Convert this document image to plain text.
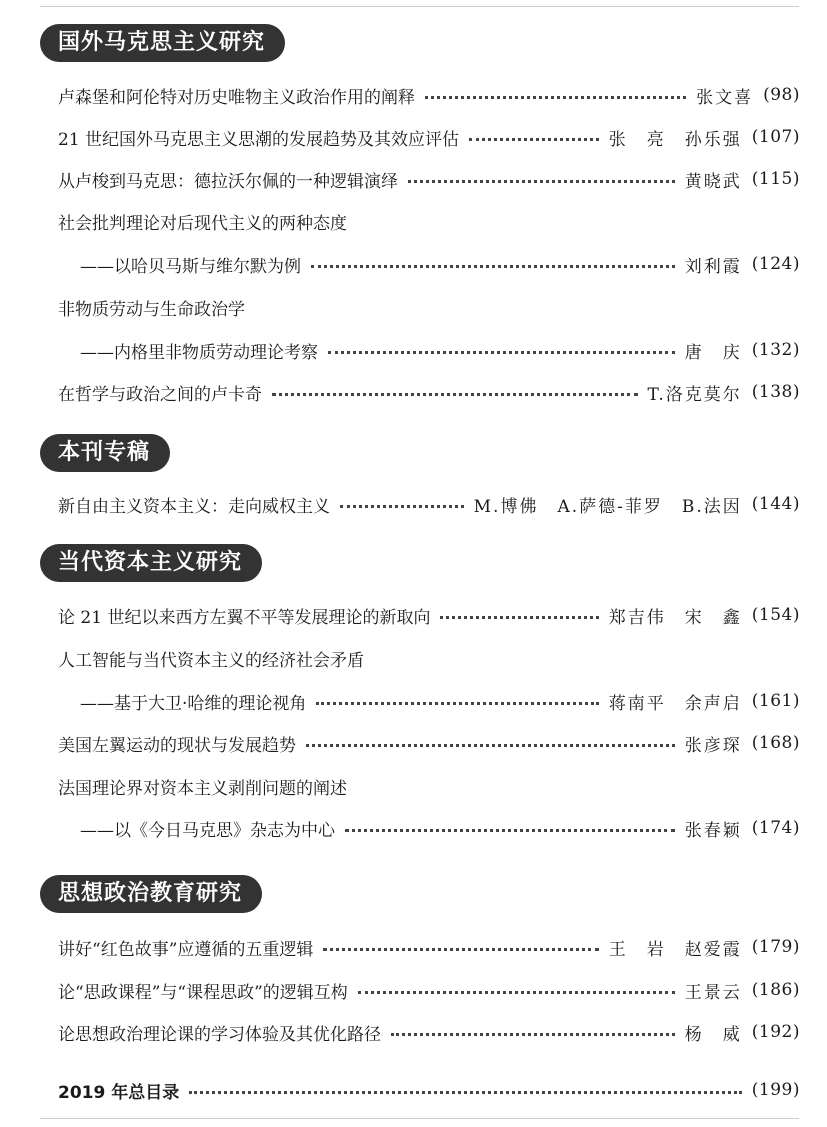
国外马克思主义研究
卢森堡和阿伦特对历史唯物主义政治作用的阐释	张文喜 (98)
21 世纪国外马克思主义思潮的发展趋势及其效应评估	张　亮　孙乐强 (107)
从卢梭到马克思：德拉沃尔佩的一种逻辑演绎	黄晓武 (115)
社会批判理论对后现代主义的两种态度
——以哈贝马斯与维尔默为例	刘利霞 (124)
非物质劳动与生命政治学
——内格里非物质劳动理论考察	唐　庆 (132)
在哲学与政治之间的卢卡奇	T.洛克莫尔 (138)
本刊专稿
新自由主义资本主义：走向威权主义	M.博佛　A.萨德-菲罗　B.法因 (144)
当代资本主义研究
论 21 世纪以来西方左翼不平等发展理论的新取向	郑吉伟　宋　鑫 (154)
人工智能与当代资本主义的经济社会矛盾
——基于大卫·哈维的理论视角	蒋南平　余声启 (161)
美国左翼运动的现状与发展趋势	张彦琛 (168)
法国理论界对资本主义剥削问题的阐述
——以《今日马克思》杂志为中心	张春颖 (174)
思想政治教育研究
讲好“红色故事”应遵循的五重逻辑	王　岩　赵爱霞 (179)
论“思政课程”与“课程思政”的逻辑互构	王景云 (186)
论思想政治理论课的学习体验及其优化路径	杨　威 (192)
2019 年总目录	(199)
